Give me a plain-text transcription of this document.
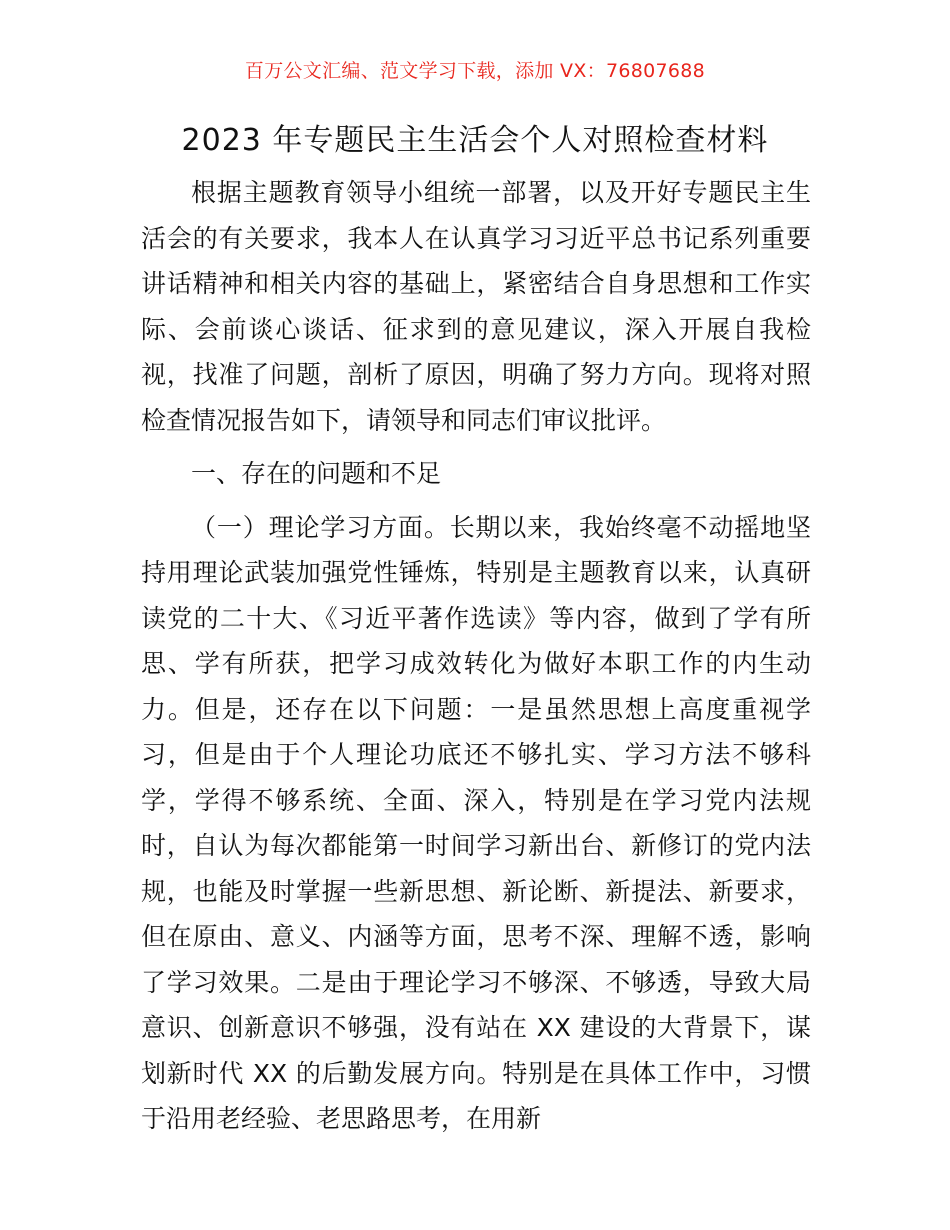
百万公文汇编、范文学习下载，添加 VX：76807688
2023 年专题民主生活会个人对照检查材料

根据主题教育领导小组统一部署，以及开好专题民主生活会的有关要求，我本人在认真学习习近平总书记系列重要讲话精神和相关内容的基础上，紧密结合自身思想和工作实际、会前谈心谈话、征求到的意见建议，深入开展自我检视，找准了问题，剖析了原因，明确了努力方向。现将对照检查情况报告如下，请领导和同志们审议批评。

一、存在的问题和不足

（一）理论学习方面。长期以来，我始终毫不动摇地坚持用理论武装加强党性锤炼，特别是主题教育以来，认真研读党的二十大、《习近平著作选读》等内容，做到了学有所思、学有所获，把学习成效转化为做好本职工作的内生动力。但是，还存在以下问题：一是虽然思想上高度重视学习，但是由于个人理论功底还不够扎实、学习方法不够科学，学得不够系统、全面、深入，特别是在学习党内法规时，自认为每次都能第一时间学习新出台、新修订的党内法规，也能及时掌握一些新思想、新论断、新提法、新要求，但在原由、意义、内涵等方面，思考不深、理解不透，影响了学习效果。二是由于理论学习不够深、不够透，导致大局意识、创新意识不够强，没有站在 XX 建设的大背景下，谋划新时代 XX 的后勤发展方向。特别是在具体工作中，习惯于沿用老经验、老思路思考，在用新
